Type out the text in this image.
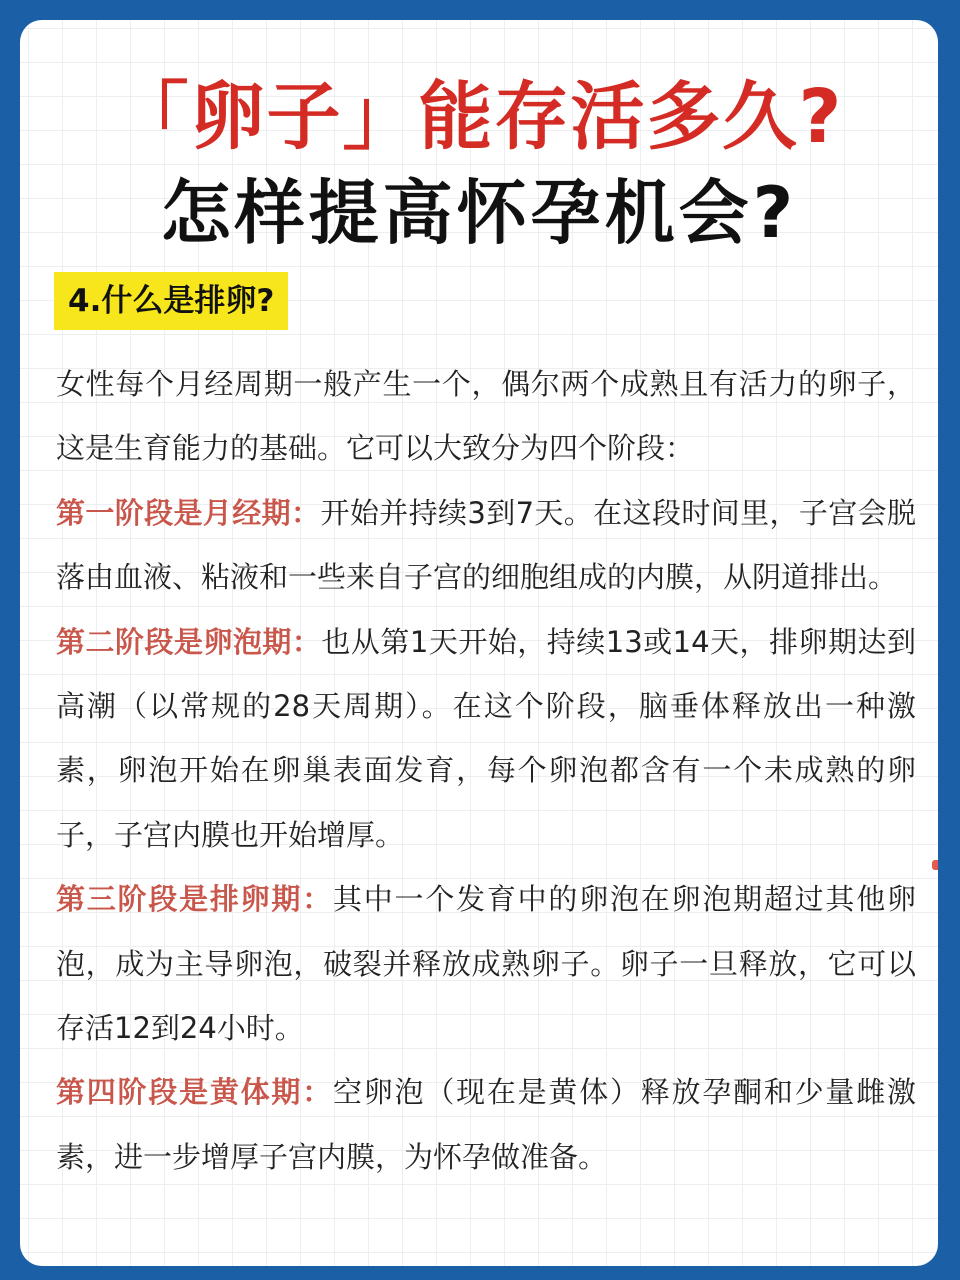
「卵子」能存活多久?
怎样提高怀孕机会?
4.什么是排卵?

女性每个月经周期一般产生一个，偶尔两个成熟且有活力的卵子，这是生育能力的基础。它可以大致分为四个阶段：

第一阶段是月经期：开始并持续3到7天。在这段时间里，子宫会脱落由血液、粘液和一些来自子宫的细胞组成的内膜，从阴道排出。

第二阶段是卵泡期：也从第1天开始，持续13或14天，排卵期达到高潮（以常规的28天周期）。在这个阶段，脑垂体释放出一种激素，卵泡开始在卵巢表面发育，每个卵泡都含有一个未成熟的卵子，子宫内膜也开始增厚。

第三阶段是排卵期：其中一个发育中的卵泡在卵泡期超过其他卵泡，成为主导卵泡，破裂并释放成熟卵子。卵子一旦释放，它可以存活12到24小时。

第四阶段是黄体期：空卵泡（现在是黄体）释放孕酮和少量雌激素，进一步增厚子宫内膜，为怀孕做准备。
